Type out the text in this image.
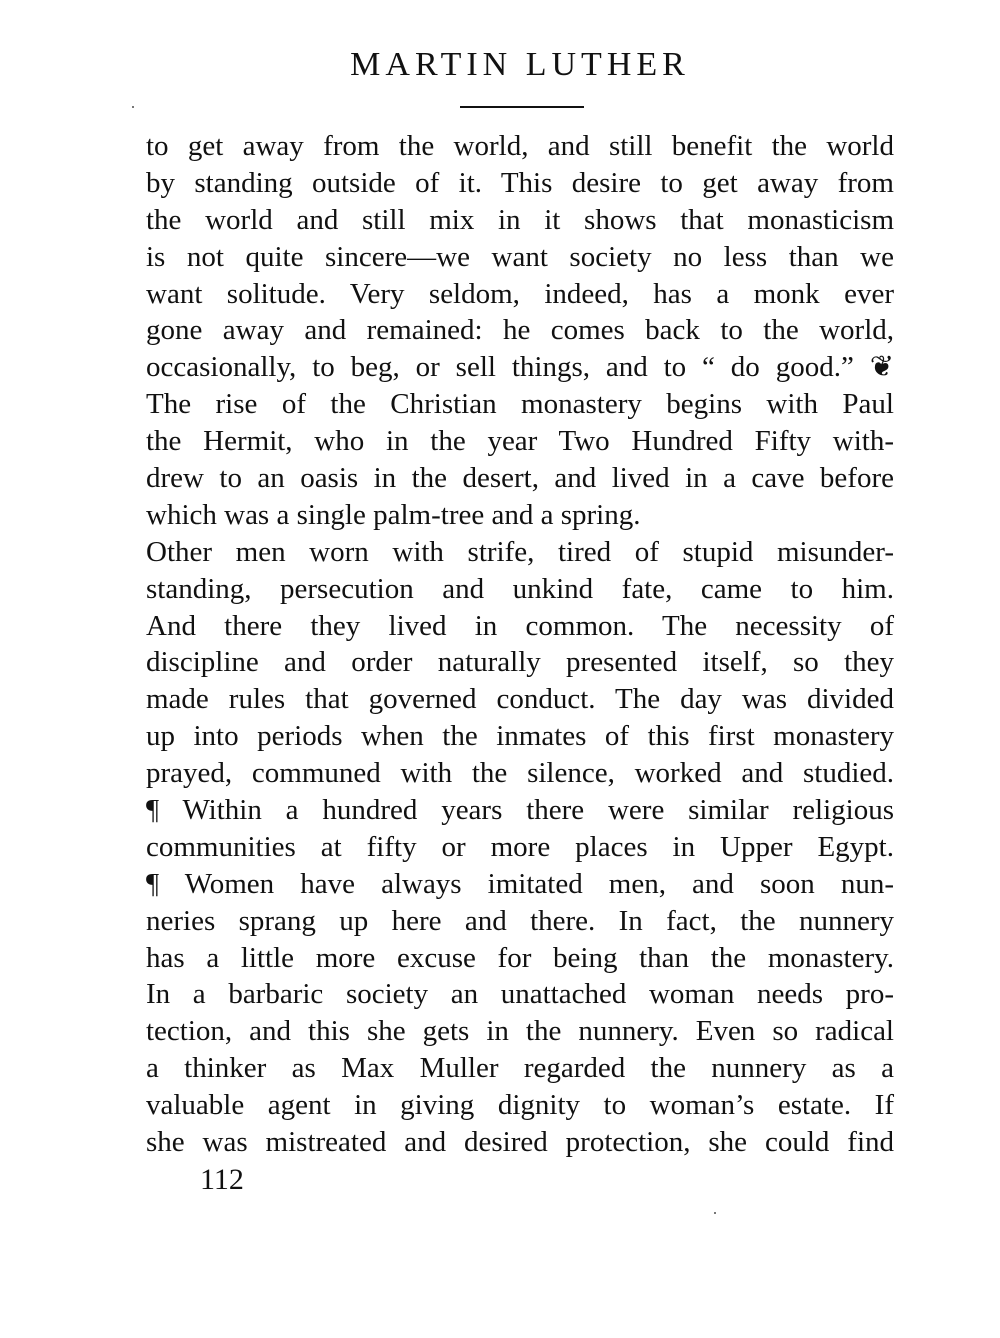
MARTIN LUTHER
to get away from the world, and still benefit the world
by standing outside of it. This desire to get away from
the world and still mix in it shows that monasticism
is not quite sincere—we want society no less than we
want solitude. Very seldom, indeed, has a monk ever
gone away and remained: he comes back to the world,
occasionally, to beg, or sell things, and to “ do good.” ❦
The rise of the Christian monastery begins with Paul
the Hermit, who in the year Two Hundred Fifty with-
drew to an oasis in the desert, and lived in a cave before
which was a single palm-tree and a spring.
Other men worn with strife, tired of stupid misunder-
standing, persecution and unkind fate, came to him.
And there they lived in common. The necessity of
discipline and order naturally presented itself, so they
made rules that governed conduct. The day was divided
up into periods when the inmates of this first monastery
prayed, communed with the silence, worked and studied.
¶ Within a hundred years there were similar religious
communities at fifty or more places in Upper Egypt.
¶ Women have always imitated men, and soon nun-
neries sprang up here and there. In fact, the nunnery
has a little more excuse for being than the monastery.
In a barbaric society an unattached woman needs pro-
tection, and this she gets in the nunnery. Even so radical
a thinker as Max Muller regarded the nunnery as a
valuable agent in giving dignity to woman’s estate. If
she was mistreated and desired protection, she could find
112
